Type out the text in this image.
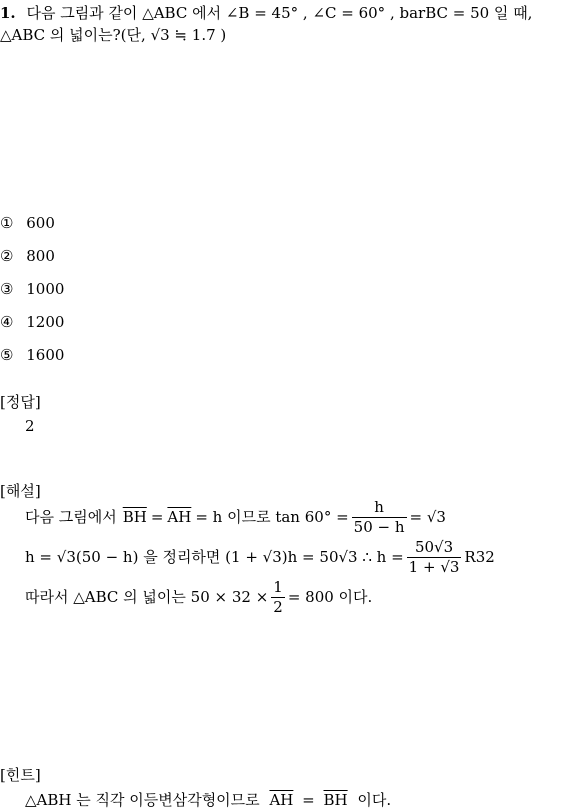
1. 다음 그림과 같이 △ABC 에서 ∠B = 45° , ∠C = 60° , barBC = 50 일 때,
△ABC 의 넓이는?(단, √3 ≒ 1.7 )
① 600
② 800
③ 1000
④ 1200
⑤ 1600
[정답]
2
[해설]
다음 그림에서 $\overline{BH} = \overline{AH} = h$ 이므로 $\tan 60^\circ = \frac{h}{50 - h} = √3$
h = √3(50 − h) 을 정리하면 (1 + √3)h = 50√3 ∴ $h = \frac{50√3}{1 + √3} R32$
따라서 △ABC 의 넓이는 $50 \times 32 \times \frac{1}{2} = 800$ 이다.
[힌트]
△ABH 는 직각 이등변삼각형이므로 $\overline{AH} = \overline{BH}$ 이다.
